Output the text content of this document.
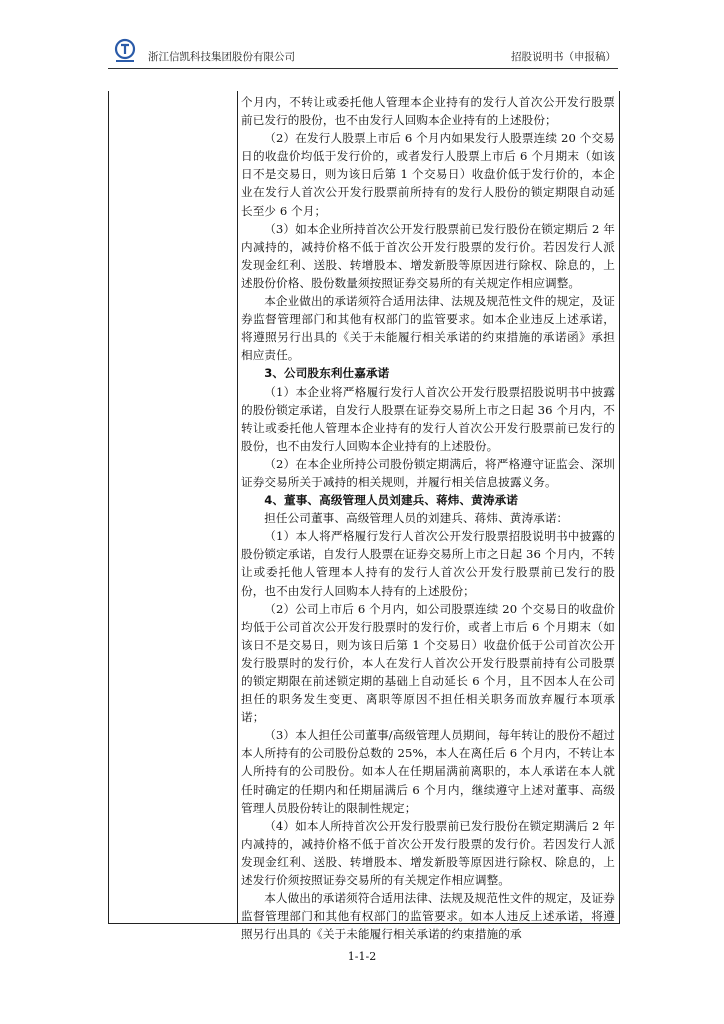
浙江信凯科技集团股份有限公司	招股说明书（申报稿）

个月内，不转让或委托他人管理本企业持有的发行人首次公开发行股票前已发行的股份，也不由发行人回购本企业持有的上述股份；

（2）在发行人股票上市后 6 个月内如果发行人股票连续 20 个交易日的收盘价均低于发行价的，或者发行人股票上市后 6 个月期末（如该日不是交易日，则为该日后第 1 个交易日）收盘价低于发行价的，本企业在发行人首次公开发行股票前所持有的发行人股份的锁定期限自动延长至少 6 个月；

（3）如本企业所持首次公开发行股票前已发行股份在锁定期后 2 年内减持的，减持价格不低于首次公开发行股票的发行价。若因发行人派发现金红利、送股、转增股本、增发新股等原因进行除权、除息的，上述股份价格、股份数量须按照证券交易所的有关规定作相应调整。

本企业做出的承诺须符合适用法律、法规及规范性文件的规定，及证券监督管理部门和其他有权部门的监管要求。如本企业违反上述承诺，将遵照另行出具的《关于未能履行相关承诺的约束措施的承诺函》承担相应责任。

3、公司股东利仕嘉承诺

（1）本企业将严格履行发行人首次公开发行股票招股说明书中披露的股份锁定承诺，自发行人股票在证券交易所上市之日起 36 个月内，不转让或委托他人管理本企业持有的发行人首次公开发行股票前已发行的股份，也不由发行人回购本企业持有的上述股份。

（2）在本企业所持公司股份锁定期满后，将严格遵守证监会、深圳证券交易所关于减持的相关规则，并履行相关信息披露义务。

4、董事、高级管理人员刘建兵、蒋炜、黄涛承诺

担任公司董事、高级管理人员的刘建兵、蒋炜、黄涛承诺：

（1）本人将严格履行发行人首次公开发行股票招股说明书中披露的股份锁定承诺，自发行人股票在证券交易所上市之日起 36 个月内，不转让或委托他人管理本人持有的发行人首次公开发行股票前已发行的股份，也不由发行人回购本人持有的上述股份；

（2）公司上市后 6 个月内，如公司股票连续 20 个交易日的收盘价均低于公司首次公开发行股票时的发行价，或者上市后 6 个月期末（如该日不是交易日，则为该日后第 1 个交易日）收盘价低于公司首次公开发行股票时的发行价，本人在发行人首次公开发行股票前持有公司股票的锁定期限在前述锁定期的基础上自动延长 6 个月，且不因本人在公司担任的职务发生变更、离职等原因不担任相关职务而放弃履行本项承诺；

（3）本人担任公司董事/高级管理人员期间，每年转让的股份不超过本人所持有的公司股份总数的 25%，本人在离任后 6 个月内，不转让本人所持有的公司股份。如本人在任期届满前离职的，本人承诺在本人就任时确定的任期内和任期届满后 6 个月内，继续遵守上述对董事、高级管理人员股份转让的限制性规定；

（4）如本人所持首次公开发行股票前已发行股份在锁定期满后 2 年内减持的，减持价格不低于首次公开发行股票的发行价。若因发行人派发现金红利、送股、转增股本、增发新股等原因进行除权、除息的，上述发行价须按照证券交易所的有关规定作相应调整。

本人做出的承诺须符合适用法律、法规及规范性文件的规定，及证券监督管理部门和其他有权部门的监管要求。如本人违反上述承诺，将遵照另行出具的《关于未能履行相关承诺的约束措施的承

1-1-2
